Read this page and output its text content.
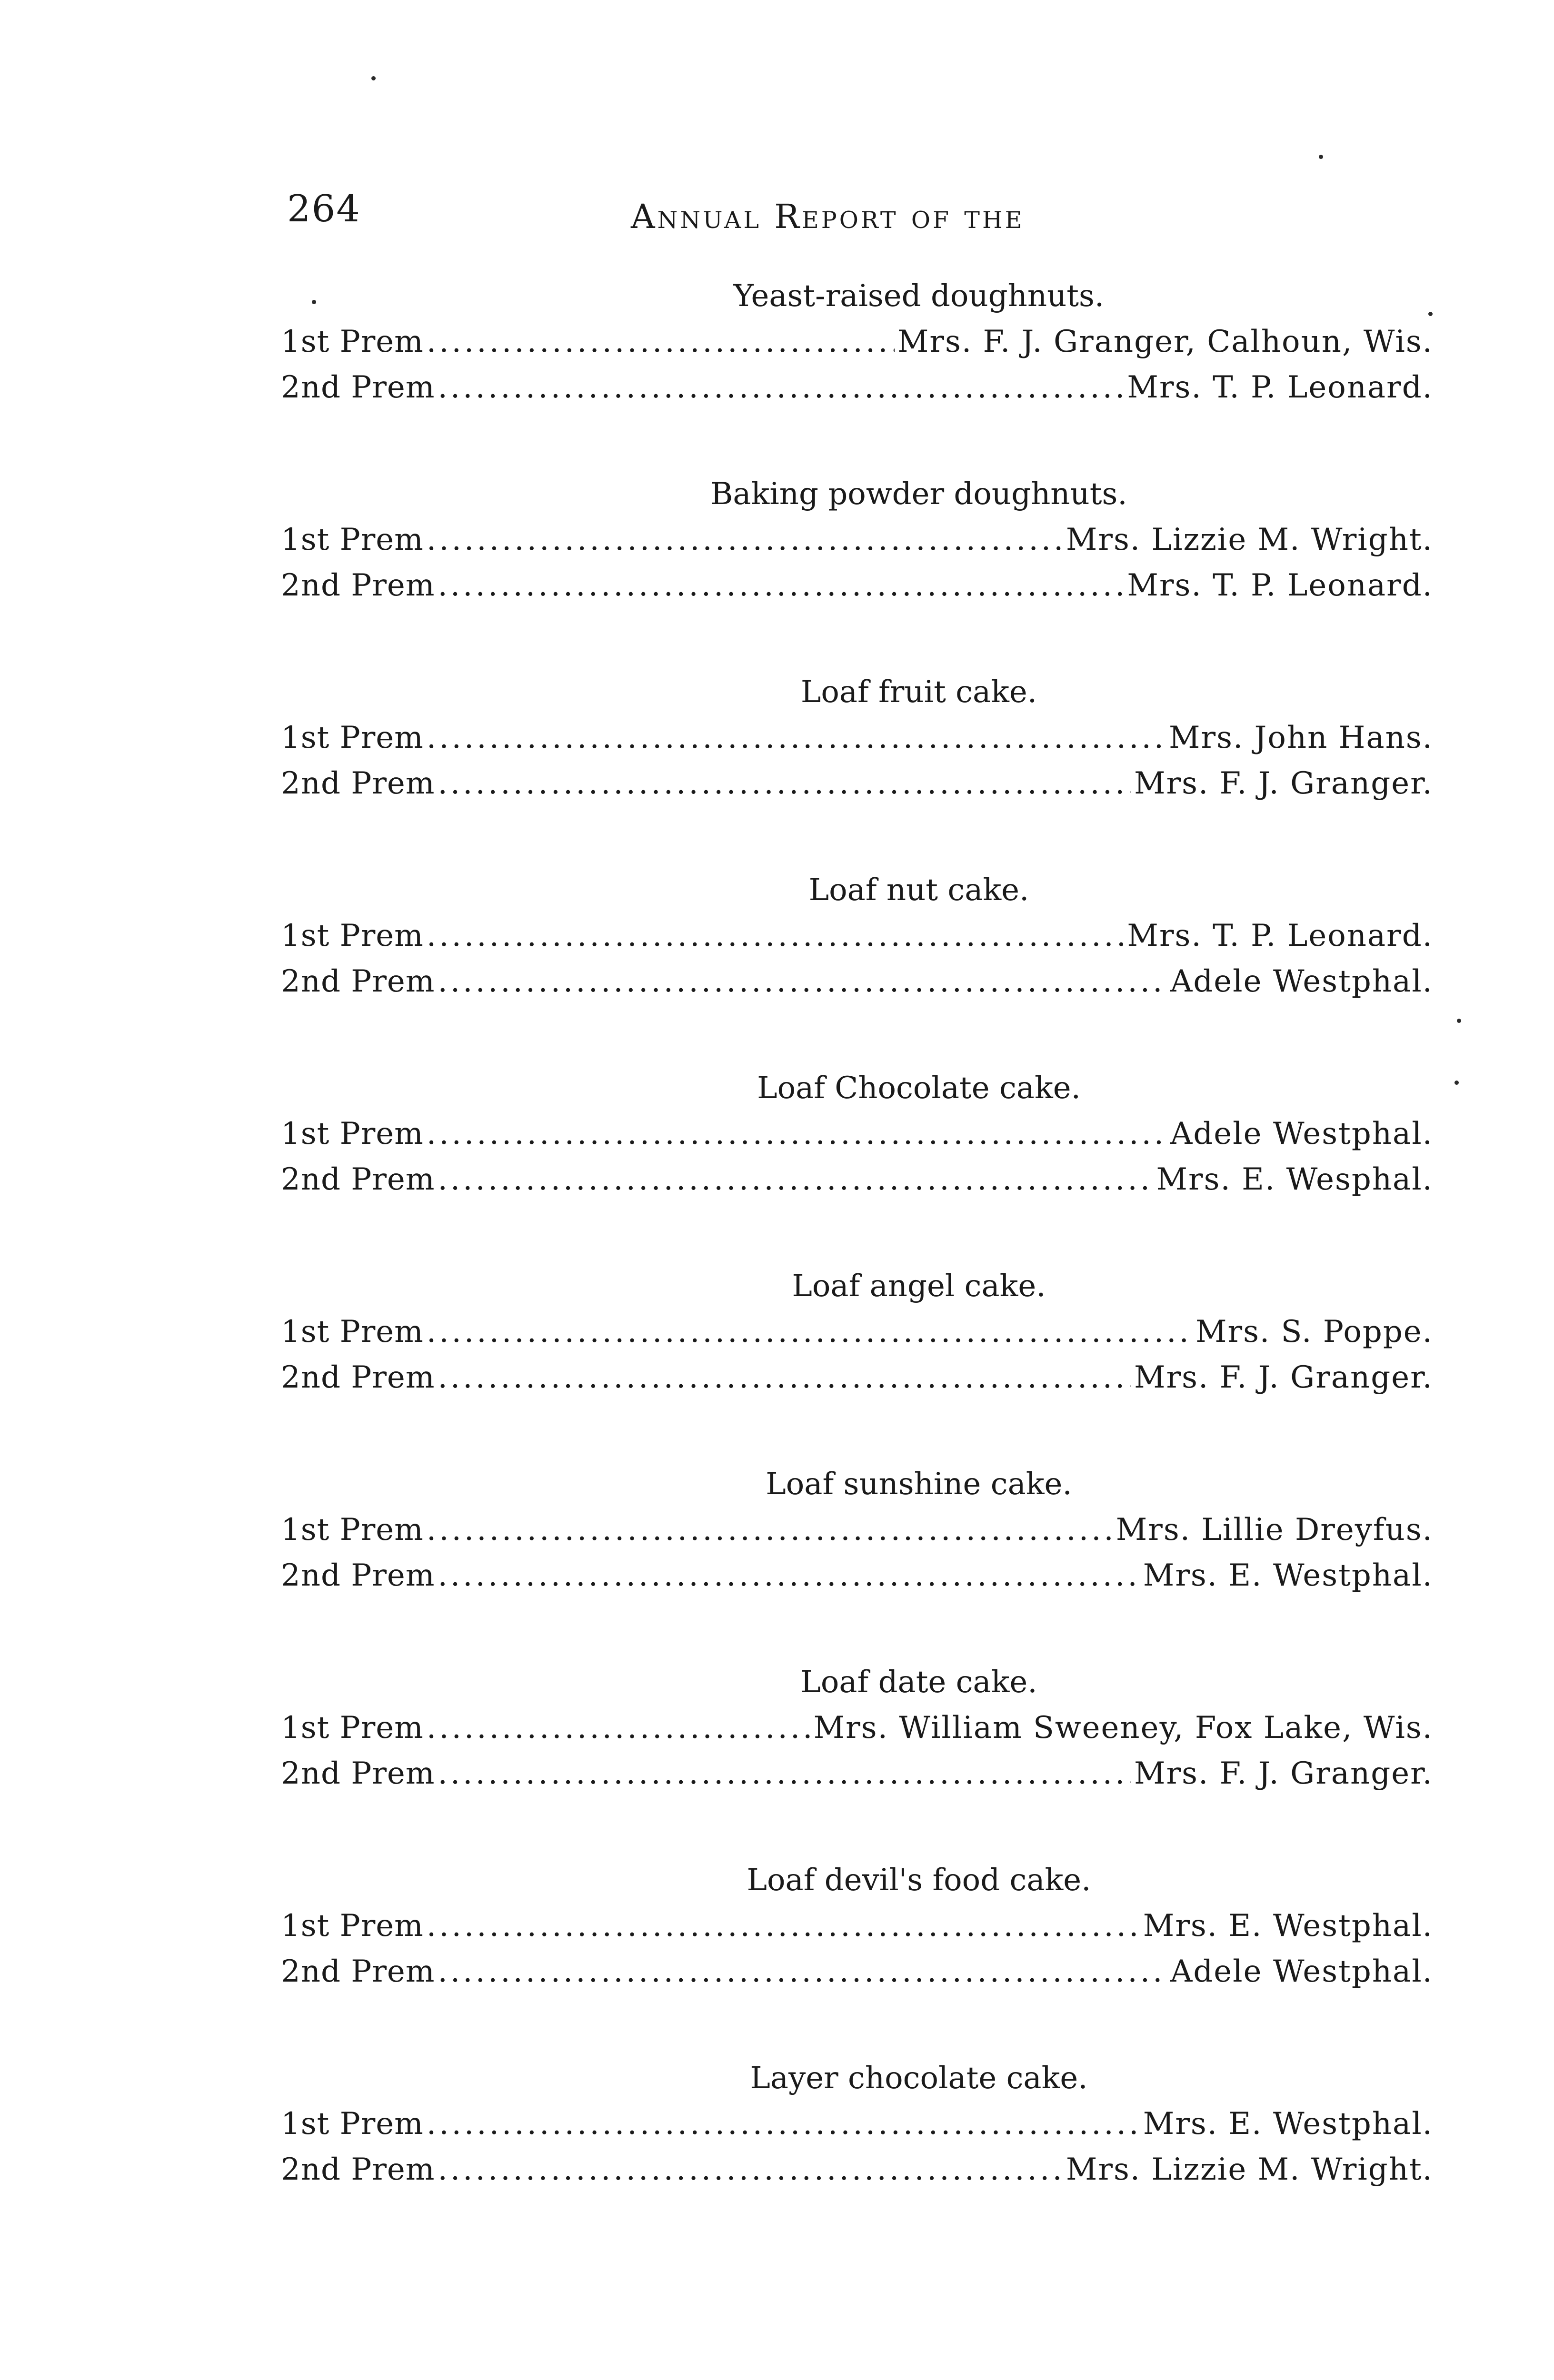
264	Annual Report of the
Yeast-raised doughnuts.
1st Prem .....	Mrs. F. J. Granger, Calhoun, Wis.
2nd Prem .....	Mrs. T. P. Leonard.
Baking powder doughnuts.
1st Prem .....	Mrs. Lizzie M. Wright.
2nd Prem .....	Mrs. T. P. Leonard.
Loaf fruit cake.
1st Prem .....	Mrs. John Hans.
2nd Prem .....	Mrs. F. J. Granger.
Loaf nut cake.
1st Prem .....	Mrs. T. P. Leonard.
2nd Prem .....	Adele Westphal.
Loaf Chocolate cake.
1st Prem .....	Adele Westphal.
2nd Prem .....	Mrs. E. Wesphal.
Loaf angel cake.
1st Prem .....	Mrs. S. Poppe.
2nd Prem .....	Mrs. F. J. Granger.
Loaf sunshine cake.
1st Prem .....	Mrs. Lillie Dreyfus.
2nd Prem .....	Mrs. E. Westphal.
Loaf date cake.
1st Prem .....	Mrs. William Sweeney, Fox Lake, Wis.
2nd Prem .....	Mrs. F. J. Granger.
Loaf devil's food cake.
1st Prem .....	Mrs. E. Westphal.
2nd Prem .....	Adele Westphal.
Layer chocolate cake.
1st Prem .....	Mrs. E. Westphal.
2nd Prem .....	Mrs. Lizzie M. Wright.
